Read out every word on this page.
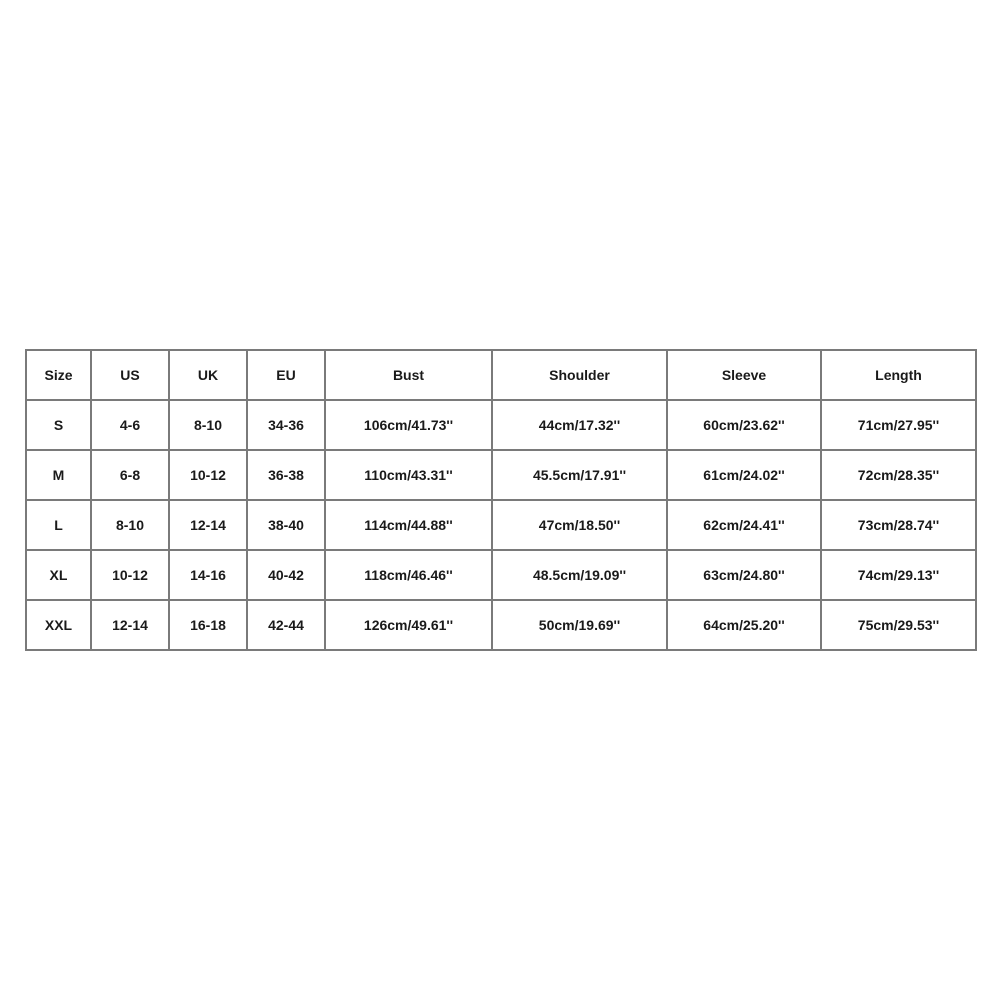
Size	US	UK	EU	Bust	Shoulder	Sleeve	Length
S	4-6	8-10	34-36	106cm/41.73''	44cm/17.32''	60cm/23.62''	71cm/27.95''
M	6-8	10-12	36-38	110cm/43.31''	45.5cm/17.91''	61cm/24.02''	72cm/28.35''
L	8-10	12-14	38-40	114cm/44.88''	47cm/18.50''	62cm/24.41''	73cm/28.74''
XL	10-12	14-16	40-42	118cm/46.46''	48.5cm/19.09''	63cm/24.80''	74cm/29.13''
XXL	12-14	16-18	42-44	126cm/49.61''	50cm/19.69''	64cm/25.20''	75cm/29.53''
